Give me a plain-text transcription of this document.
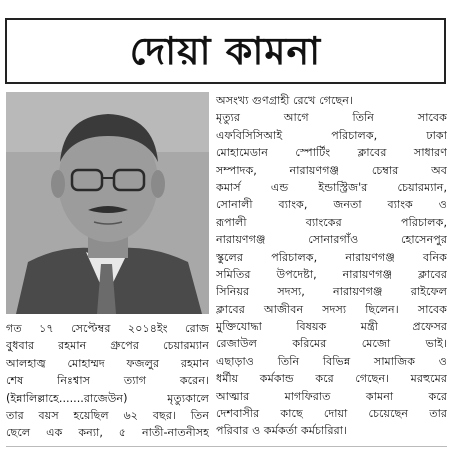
দোয়া কামনা
গত ১৭ সেপ্টেম্বর ২০১৪ইং রোজ
বুধবার রহমান গ্রুপের চেয়ারম্যান
আলহাজ্ব মোহাম্মদ ফজলুর রহমান
শেষ নিঃশ্বাস ত্যাগ করেন।
(ইন্নালিল্লাহে.......রাজেউন) মৃত্যুকালে
তার বয়স হয়েছিল ৬২ বছর। তিন
ছেলে এক কন্যা, ৫ নাতী-নাতনীসহ
অসংখ্য গুণগ্রাহী রেখে গেছেন।
মৃত্যুর আগে তিনি সাবেক
এফবিসিসিআই পরিচালক, ঢাকা
মোহামেডান স্পোর্টিং ক্লাবের সাধারণ
সম্পাদক, নারায়ণগঞ্জ চেম্বার অব
কমার্স এন্ড ইন্ডাস্ট্রিজ'র চেয়ারম্যান,
সোনালী ব্যাংক, জনতা ব্যাংক ও
রূপালী ব্যাংকের পরিচালক,
নারায়ণগঞ্জ সোনারগাঁও হোসেনপুর
স্কুলের পরিচালক, নারায়ণগঞ্জ বনিক
সমিতির উপদেষ্টা, নারায়ণগঞ্জ ক্লাবের
সিনিয়র সদস্য, নারায়ণগঞ্জ রাইফেল
ক্লাবের আজীবন সদস্য ছিলেন। সাবেক
মুক্তিযোদ্ধা বিষয়ক মন্ত্রী প্রফেসর
রেজাউল করিমের মেজো ভাই।
এছাড়াও তিনি বিভিন্ন সামাজিক ও
ধর্মীয় কর্মকান্ড করে গেছেন। মরহুমের
আত্মার মাগফিরাত কামনা করে
দেশবাসীর কাছে দোয়া চেয়েছেন তার
পরিবার ও কর্মকর্তা কর্মচারিরা।
